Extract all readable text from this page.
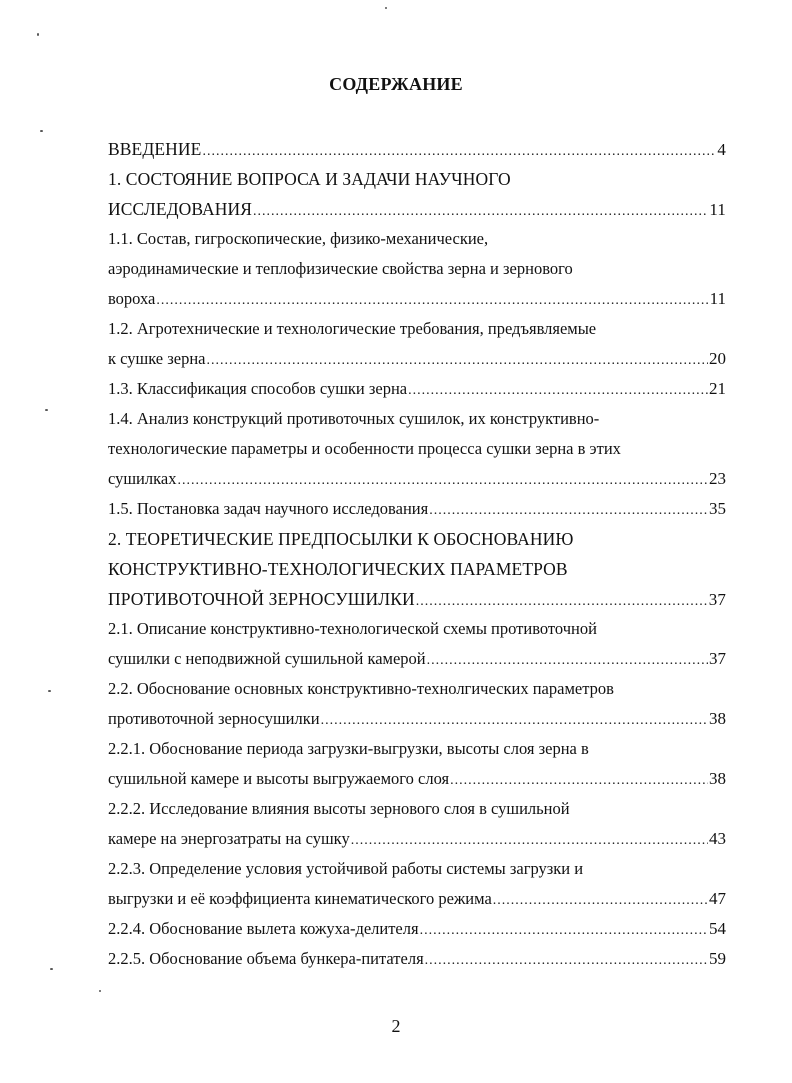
СОДЕРЖАНИЕ
ВВЕДЕНИЕ .....	4
1. СОСТОЯНИЕ ВОПРОСА И ЗАДАЧИ НАУЧНОГО
ИССЛЕДОВАНИЯ .....	11
1.1. Состав, гигроскопические, физико-механические,
аэродинамические и теплофизические свойства зерна и зернового
вороха .....	11
1.2. Агротехнические и технологические требования, предъявляемые
к сушке зерна .....	20
1.3. Классификация способов сушки зерна .....	21
1.4. Анализ конструкций противоточных сушилок, их конструктивно-
технологические параметры и особенности процесса сушки зерна в этих
сушилках .....	23
1.5. Постановка задач научного исследования .....	35
2. ТЕОРЕТИЧЕСКИЕ ПРЕДПОСЫЛКИ К ОБОСНОВАНИЮ
КОНСТРУКТИВНО-ТЕХНОЛОГИЧЕСКИХ ПАРАМЕТРОВ
ПРОТИВОТОЧНОЙ ЗЕРНОСУШИЛКИ .....	37
2.1. Описание конструктивно-технологической схемы противоточной
сушилки с неподвижной сушильной камерой .....	37
2.2. Обоснование основных конструктивно-технолгических параметров
противоточной зерносушилки .....	38
2.2.1. Обоснование периода загрузки-выгрузки, высоты слоя зерна в
сушильной камере и высоты выгружаемого слоя .....	38
2.2.2. Исследование влияния высоты зернового слоя в сушильной
камере на энергозатраты на сушку .....	43
2.2.3. Определение условия устойчивой работы системы загрузки и
выгрузки и её коэффициента кинематического режима .....	47
2.2.4. Обоснование вылета кожуха-делителя .....	54
2.2.5. Обоснование объема бункера-питателя .....	59
2
